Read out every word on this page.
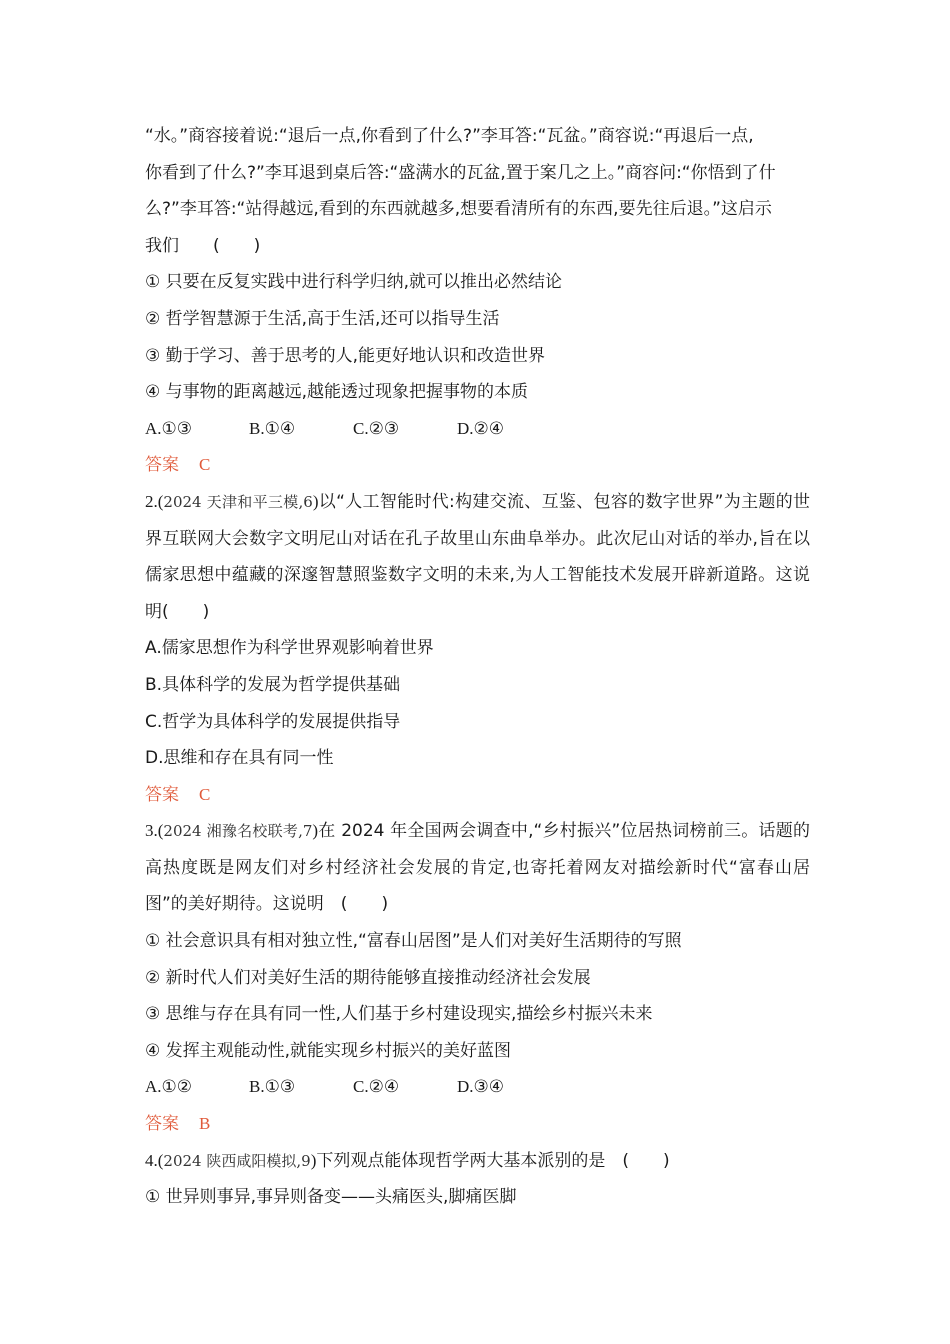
“水。”商容接着说:“退后一点,你看到了什么?”李耳答:“瓦盆。”商容说:“再退后一点,
你看到了什么?”李耳退到桌后答:“盛满水的瓦盆,置于案几之上。”商容问:“你悟到了什
么?”李耳答:“站得越远,看到的东西就越多,想要看清所有的东西,要先往后退。”这启示
我们　　(　　)
① 只要在反复实践中进行科学归纳,就可以推出必然结论
② 哲学智慧源于生活,高于生活,还可以指导生活
③ 勤于学习、善于思考的人,能更好地认识和改造世界
④ 与事物的距离越远,越能透过现象把握事物的本质
A.①③	B.①④	C.②③	D.②④
答案 C
2.(2024 天津和平三模,6)以“人工智能时代:构建交流、互鉴、包容的数字世界”为主题的世界互联网大会数字文明尼山对话在孔子故里山东曲阜举办。此次尼山对话的举办,旨在以儒家思想中蕴藏的深邃智慧照鉴数字文明的未来,为人工智能技术发展开辟新道路。这说明(　　)
A.儒家思想作为科学世界观影响着世界
B.具体科学的发展为哲学提供基础
C.哲学为具体科学的发展提供指导
D.思维和存在具有同一性
答案 C
3.(2024 湘豫名校联考,7)在 2024 年全国两会调查中,“乡村振兴”位居热词榜前三。话题的高热度既是网友们对乡村经济社会发展的肯定,也寄托着网友对描绘新时代“富春山居图”的美好期待。这说明　(　　)
① 社会意识具有相对独立性,“富春山居图”是人们对美好生活期待的写照
② 新时代人们对美好生活的期待能够直接推动经济社会发展
③ 思维与存在具有同一性,人们基于乡村建设现实,描绘乡村振兴未来
④ 发挥主观能动性,就能实现乡村振兴的美好蓝图
A.①②	B.①③	C.②④	D.③④
答案 B
4.(2024 陕西咸阳模拟,9)下列观点能体现哲学两大基本派别的是　(　　)
① 世异则事异,事异则备变——头痛医头,脚痛医脚
